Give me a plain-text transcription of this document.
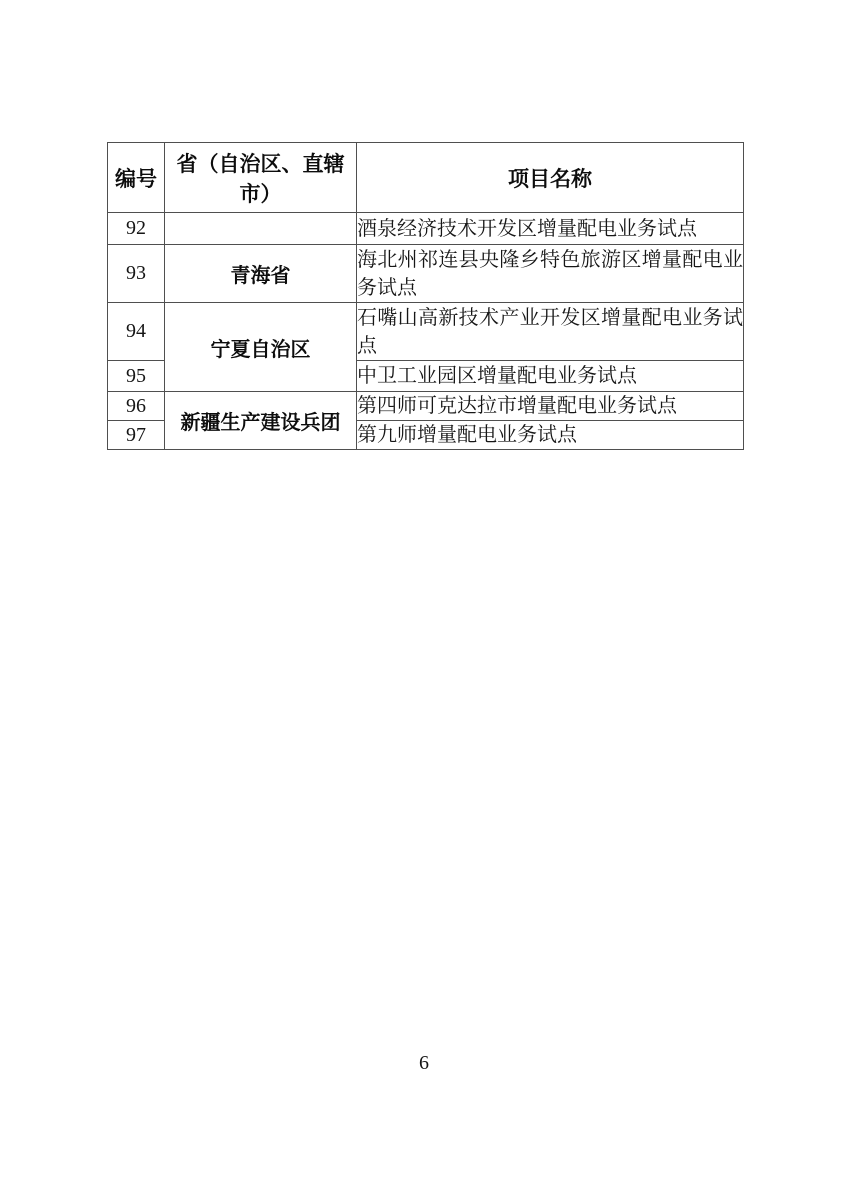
编号	省（自治区、直辖市）	项目名称
92		酒泉经济技术开发区增量配电业务试点
93	青海省	海北州祁连县央隆乡特色旅游区增量配电业务试点
94	宁夏自治区	石嘴山高新技术产业开发区增量配电业务试点
95		中卫工业园区增量配电业务试点
96	新疆生产建设兵团	第四师可克达拉市增量配电业务试点
97		第九师增量配电业务试点
6
